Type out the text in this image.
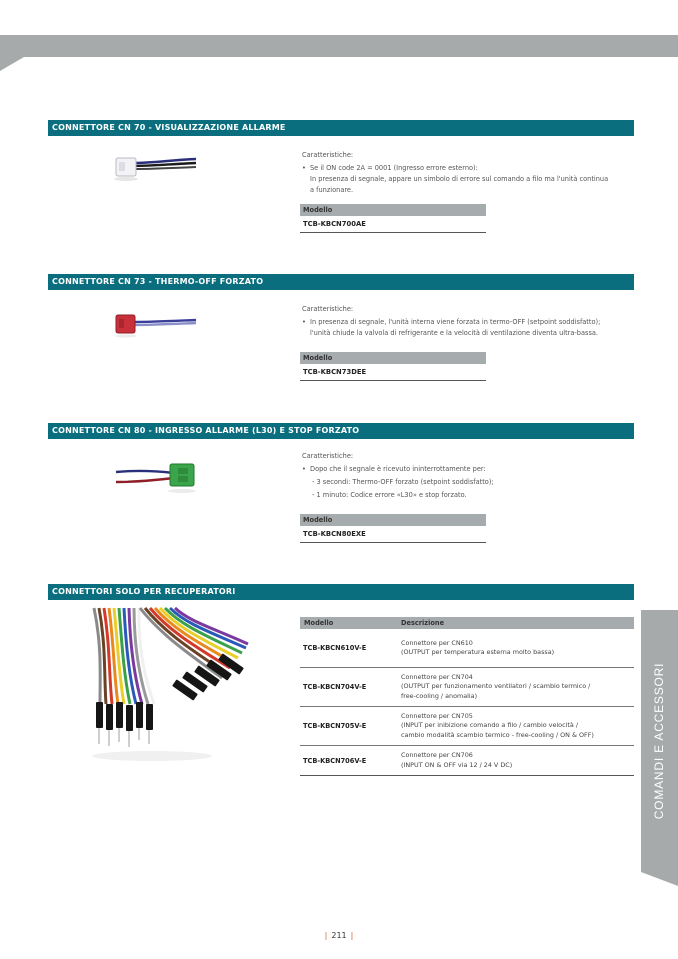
CONNETTORE CN 70 - VISUALIZZAZIONE ALLARME
Caratteristiche:
• Se il ON code 2A = 0001 (Ingresso errore esterno):
In presenza di segnale, appare un simbolo di errore sul comando a filo ma l'unità continua
a funzionare.
Modello
TCB-KBCN700AE
CONNETTORE CN 73 - THERMO-OFF FORZATO
Caratteristiche:
• In presenza di segnale, l'unità interna viene forzata in termo-OFF (setpoint soddisfatto);
l'unità chiude la valvola di refrigerante e la velocità di ventilazione diventa ultra-bassa.
Modello
TCB-KBCN73DEE
CONNETTORE CN 80 - INGRESSO ALLARME (L30) E STOP FORZATO
Caratteristiche:
• Dopo che il segnale è ricevuto ininterrottamente per:
- 3 secondi: Thermo-OFF forzato (setpoint soddisfatto);
- 1 minuto: Codice errore «L30» e stop forzato.
Modello
TCB-KBCN80EXE
CONNETTORI SOLO PER RECUPERATORI
Modello	Descrizione
TCB-KBCN610V-E
Connettore per CN610
(OUTPUT per temperatura esterna molto bassa)
TCB-KBCN704V-E
Connettore per CN704
(OUTPUT per funzionamento ventilatori / scambio termico /
free-cooling / anomalia)
TCB-KBCN705V-E
Connettore per CN705
(INPUT per inibizione comando a filo / cambio velocità /
cambio modalità scambio termico - free-cooling / ON & OFF)
TCB-KBCN706V-E
Connettore per CN706
(INPUT ON & OFF via 12 / 24 V DC)	COMANDI E ACCESSORI
| 211 |
